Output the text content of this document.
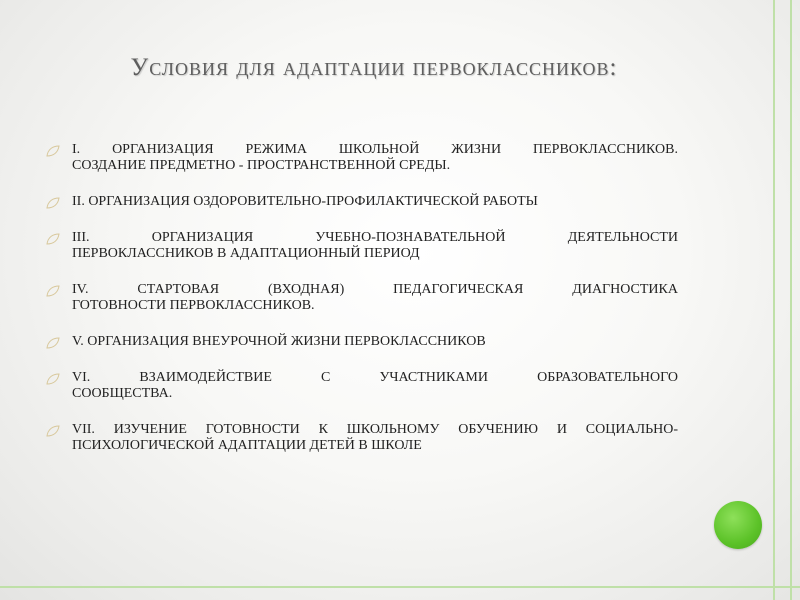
Условия для адаптации первоклассников:
I. ОРГАНИЗАЦИЯ РЕЖИМА ШКОЛЬНОЙ ЖИЗНИ ПЕРВОКЛАССНИКОВ.
СОЗДАНИЕ ПРЕДМЕТНО - ПРОСТРАНСТВЕННОЙ СРЕДЫ.
II. ОРГАНИЗАЦИЯ ОЗДОРОВИТЕЛЬНО-ПРОФИЛАКТИЧЕСКОЙ РАБОТЫ
III. ОРГАНИЗАЦИЯ УЧЕБНО-ПОЗНАВАТЕЛЬНОЙ ДЕЯТЕЛЬНОСТИ
ПЕРВОКЛАССНИКОВ В АДАПТАЦИОННЫЙ ПЕРИОД
IV. СТАРТОВАЯ (ВХОДНАЯ) ПЕДАГОГИЧЕСКАЯ ДИАГНОСТИКА
ГОТОВНОСТИ ПЕРВОКЛАССНИКОВ.
V. ОРГАНИЗАЦИЯ ВНЕУРОЧНОЙ ЖИЗНИ ПЕРВОКЛАССНИКОВ
VI. ВЗАИМОДЕЙСТВИЕ С УЧАСТНИКАМИ ОБРАЗОВАТЕЛЬНОГО
СООБЩЕСТВА.
VII. ИЗУЧЕНИЕ ГОТОВНОСТИ К ШКОЛЬНОМУ ОБУЧЕНИЮ И СОЦИАЛЬНО-
ПСИХОЛОГИЧЕСКОЙ АДАПТАЦИИ ДЕТЕЙ В ШКОЛЕ
